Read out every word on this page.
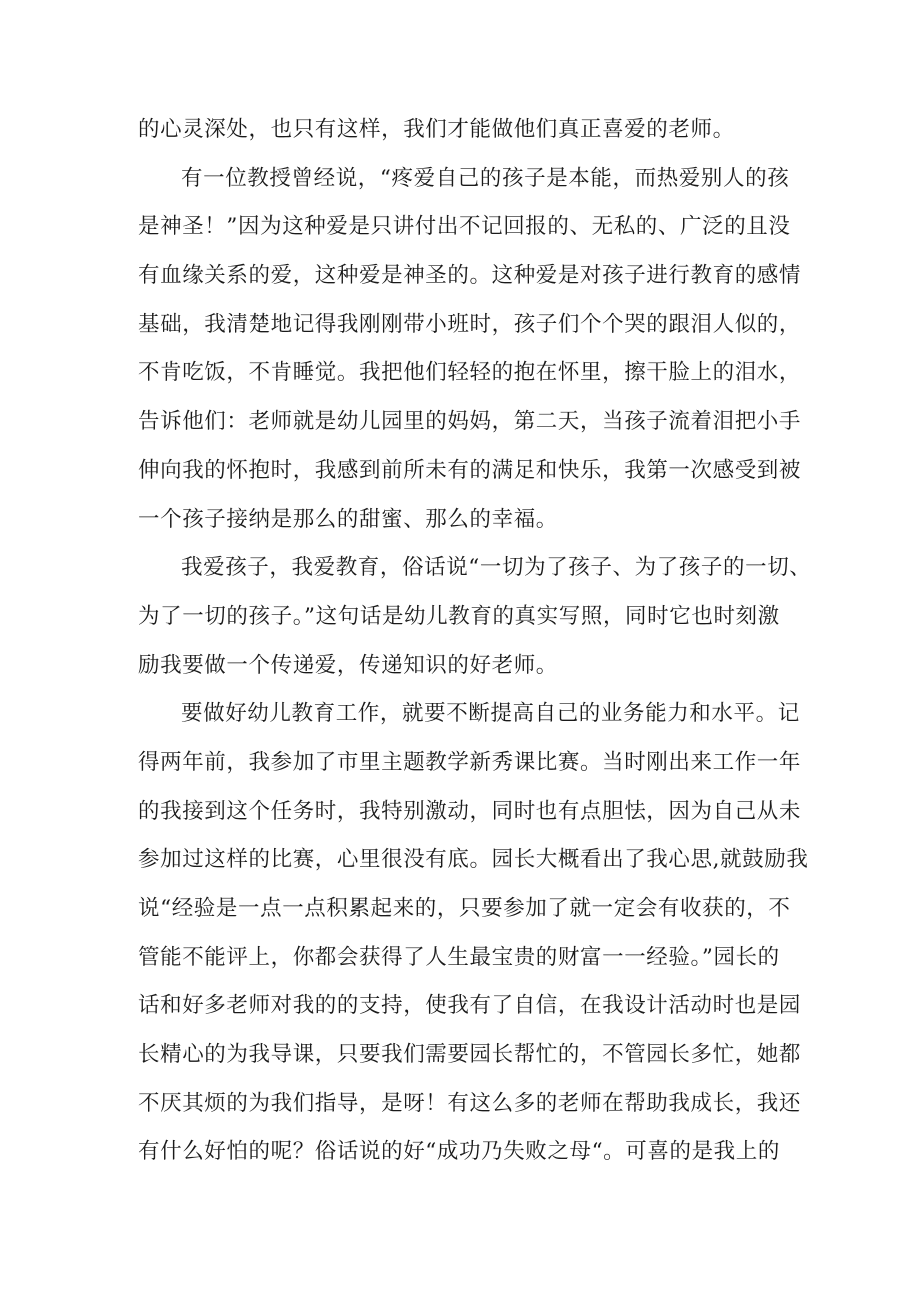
的心灵深处，也只有这样，我们才能做他们真正喜爱的老师。
有一位教授曾经说，“疼爱自己的孩子是本能，而热爱别人的孩
是神圣！”因为这种爱是只讲付出不记回报的、无私的、广泛的且没
有血缘关系的爱，这种爱是神圣的。这种爱是对孩子进行教育的感情
基础，我清楚地记得我刚刚带小班时，孩子们个个哭的跟泪人似的，
不肯吃饭，不肯睡觉。我把他们轻轻的抱在怀里，擦干脸上的泪水，
告诉他们：老师就是幼儿园里的妈妈，第二天，当孩子流着泪把小手
伸向我的怀抱时，我感到前所未有的满足和快乐，我第一次感受到被
一个孩子接纳是那么的甜蜜、那么的幸福。
我爱孩子，我爱教育，俗话说“一切为了孩子、为了孩子的一切、
为了一切的孩子。”这句话是幼儿教育的真实写照，同时它也时刻激
励我要做一个传递爱，传递知识的好老师。
要做好幼儿教育工作，就要不断提高自己的业务能力和水平。记
得两年前，我参加了市里主题教学新秀课比赛。当时刚出来工作一年
的我接到这个任务时，我特别激动，同时也有点胆怯，因为自己从未
参加过这样的比赛，心里很没有底。园长大概看出了我心思,就鼓励我
说“经验是一点一点积累起来的，只要参加了就一定会有收获的，不
管能不能评上，你都会获得了人生最宝贵的财富一一经验。”园长的
话和好多老师对我的的支持，使我有了自信，在我设计活动时也是园
长精心的为我导课，只要我们需要园长帮忙的，不管园长多忙，她都
不厌其烦的为我们指导，是呀！有这么多的老师在帮助我成长，我还
有什么好怕的呢？俗话说的好“成功乃失败之母“。可喜的是我上的
